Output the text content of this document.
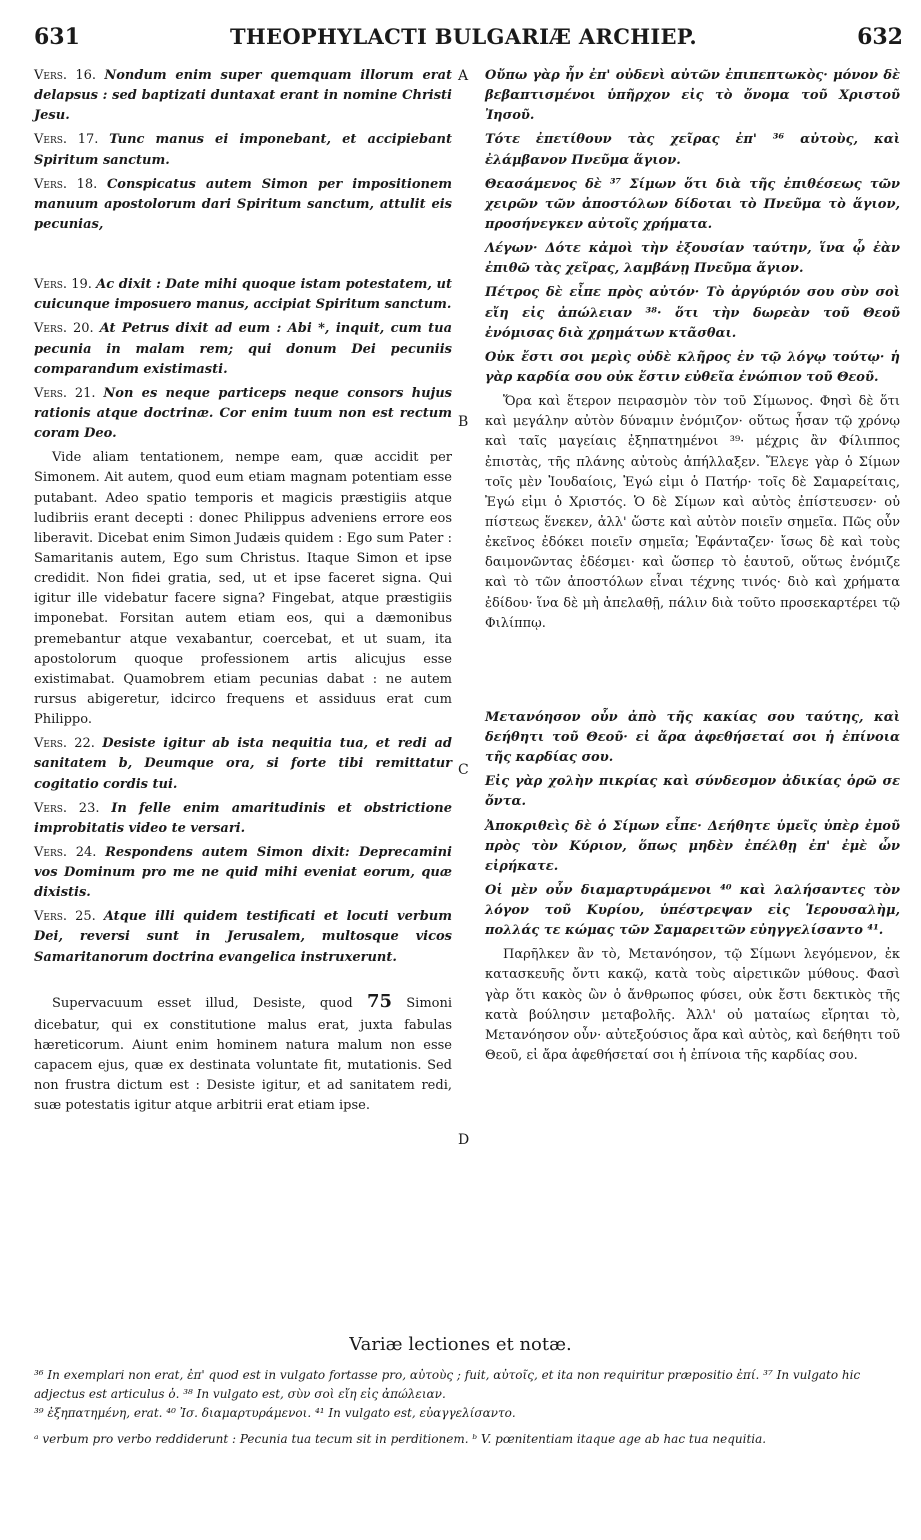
631	THEOPHYLACTI BULGARIÆ ARCHIEP.	632
A
B
C
D

Vers. 16. Nondum enim super quemquam illorum erat delapsus : sed baptizati duntaxat erant in nomine Christi Jesu.

Vers. 17. Tunc manus ei imponebant, et accipiebant Spiritum sanctum.

Vers. 18. Conspicatus autem Simon per impositionem manuum apostolorum dari Spiritum sanctum, attulit eis pecunias,

Vers. 19. Ac dixit : Date mihi quoque istam potestatem, ut cuicunque imposuero manus, accipiat Spiritum sanctum.

Vers. 20. At Petrus dixit ad eum : Abi *, inquit, cum tua pecunia in malam rem; qui donum Dei pecuniis comparandum existimasti.

Vers. 21. Non es neque particeps neque consors hujus rationis atque doctrinæ. Cor enim tuum non est rectum coram Deo.

Vide aliam tentationem, nempe eam, quæ accidit per Simonem. Ait autem, quod eum etiam magnam potentiam esse putabant. Adeo spatio temporis et magicis præstigiis atque ludibriis erant decepti : donec Philippus adveniens errore eos liberavit. Dicebat enim Simon Judæis quidem : Ego sum Pater : Samaritanis autem, Ego sum Christus. Itaque Simon et ipse credidit. Non fidei gratia, sed, ut et ipse faceret signa. Qui igitur ille videbatur facere signa? Fingebat, atque præstigiis imponebat. Forsitan autem etiam eos, qui a dæmonibus premebantur atque vexabantur, coercebat, et ut suam, ita apostolorum quoque professionem artis alicujus esse existimabat. Quamobrem etiam pecunias dabat : ne autem rursus abigeretur, idcirco frequens et assiduus erat cum Philippo.

Vers. 22. Desiste igitur ab ista nequitia tua, et redi ad sanitatem b, Deumque ora, si forte tibi remittatur cogitatio cordis tui.

Vers. 23. In felle enim amaritudinis et obstrictione improbitatis video te versari.

Vers. 24. Respondens autem Simon dixit: Deprecamini vos Dominum pro me ne quid mihi eveniat eorum, quæ dixistis.

Vers. 25. Atque illi quidem testificati et locuti verbum Dei, reversi sunt in Jerusalem, multosque vicos Samaritanorum doctrina evangelica instruxerunt.

Supervacuum esset illud, Desiste, quod 75 Simoni dicebatur, qui ex constitutione malus erat, juxta fabulas hæreticorum. Aiunt enim hominem natura malum non esse capacem ejus, quæ ex destinata voluntate fit, mutationis. Sed non frustra dictum est : Desiste igitur, et ad sanitatem redi, suæ potestatis igitur atque arbitrii erat etiam ipse.

Οὔπω γὰρ ἦν ἐπ' οὐδενὶ αὐτῶν ἐπιπεπτωκὸς· μόνον δὲ βεβαπτισμένοι ὑπῆρχον εἰς τὸ ὄνομα τοῦ Χριστοῦ Ἰησοῦ.

Τότε ἐπετίθουν τὰς χεῖρας ἐπ' ³⁶ αὐτοὺς, καὶ ἐλάμβανον Πνεῦμα ἅγιον.

Θεασάμενος δὲ ³⁷ Σίμων ὅτι διὰ τῆς ἐπιθέσεως τῶν χειρῶν τῶν ἀποστόλων δίδοται τὸ Πνεῦμα τὸ ἅγιον, προσήνεγκεν αὐτοῖς χρήματα.

Λέγων· Δότε κἀμοὶ τὴν ἐξουσίαν ταύτην, ἵνα ᾧ ἐὰν ἐπιθῶ τὰς χεῖρας, λαμβάνῃ Πνεῦμα ἅγιον.

Πέτρος δὲ εἶπε πρὸς αὐτόν· Τὸ ἀργύριόν σου σὺν σοὶ εἴη εἰς ἀπώλειαν ³⁸· ὅτι τὴν δωρεὰν τοῦ Θεοῦ ἐνόμισας διὰ χρημάτων κτᾶσθαι.

Οὐκ ἔστι σοι μερὶς οὐδὲ κλῆρος ἐν τῷ λόγῳ τούτῳ· ἡ γὰρ καρδία σου οὐκ ἔστιν εὐθεῖα ἐνώπιον τοῦ Θεοῦ.

Ὅρα καὶ ἕτερον πειρασμὸν τὸν τοῦ Σίμωνος. Φησὶ δὲ ὅτι καὶ μεγάλην αὐτὸν δύναμιν ἐνόμιζον· οὕτως ἦσαν τῷ χρόνῳ καὶ ταῖς μαγείαις ἐξηπατημένοι ³⁹· μέχρις ἂν Φίλιππος ἐπιστὰς, τῆς πλάνης αὐτοὺς ἀπήλλαξεν. Ἔλεγε γὰρ ὁ Σίμων τοῖς μὲν Ἰουδαίοις, Ἐγώ εἰμι ὁ Πατήρ· τοῖς δὲ Σαμαρείταις, Ἐγώ εἰμι ὁ Χριστός. Ὁ δὲ Σίμων καὶ αὐτὸς ἐπίστευσεν· οὐ πίστεως ἕνεκεν, ἀλλ' ὥστε καὶ αὐτὸν ποιεῖν σημεῖα. Πῶς οὖν ἐκεῖνος ἐδόκει ποιεῖν σημεῖα; Ἐφάνταζεν· ἴσως δὲ καὶ τοὺς δαιμονῶντας ἐδέσμει· καὶ ὥσπερ τὸ ἑαυτοῦ, οὕτως ἐνόμιζε καὶ τὸ τῶν ἀποστόλων εἶναι τέχνης τινός· διὸ καὶ χρήματα ἐδίδου· ἵνα δὲ μὴ ἀπελαθῇ, πάλιν διὰ τοῦτο προσεκαρτέρει τῷ Φιλίππῳ.

Μετανόησον οὖν ἀπὸ τῆς κακίας σου ταύτης, καὶ δεήθητι τοῦ Θεοῦ· εἰ ἄρα ἀφεθήσεταί σοι ἡ ἐπίνοια τῆς καρδίας σου.

Εἰς γὰρ χολὴν πικρίας καὶ σύνδεσμον ἀδικίας ὁρῶ σε ὄντα.

Ἀποκριθεὶς δὲ ὁ Σίμων εἶπε· Δεήθητε ὑμεῖς ὑπὲρ ἐμοῦ πρὸς τὸν Κύριον, ὅπως μηδὲν ἐπέλθῃ ἐπ' ἐμὲ ὧν εἰρήκατε.

Οἱ μὲν οὖν διαμαρτυράμενοι ⁴⁰ καὶ λαλήσαντες τὸν λόγον τοῦ Κυρίου, ὑπέστρεψαν εἰς Ἱερουσαλὴμ, πολλάς τε κώμας τῶν Σαμαρειτῶν εὐηγγελίσαντο ⁴¹.

Παρῆλκεν ἂν τὸ, Μετανόησον, τῷ Σίμωνι λεγόμενον, ἐκ κατασκευῆς ὄντι κακῷ, κατὰ τοὺς αἱρετικῶν μύθους. Φασὶ γὰρ ὅτι κακὸς ὢν ὁ ἄνθρωπος φύσει, οὐκ ἔστι δεκτικὸς τῆς κατὰ βούλησιν μεταβολῆς. Ἀλλ' οὐ ματαίως εἴρηται τὸ, Μετανόησον οὖν· αὐτεξούσιος ἄρα καὶ αὐτὸς, καὶ δεήθητι τοῦ Θεοῦ, εἰ ἄρα ἀφεθήσεταί σοι ἡ ἐπίνοια τῆς καρδίας σου.

Variæ lectiones et notæ.

³⁶ In exemplari non erat, ἐπ' quod est in vulgato fortasse pro, αὐτοὺς ; fuit, αὐτοῖς, et ita non requiritur præpositio ἐπί. ³⁷ In vulgato hic adjectus est articulus ὁ. ³⁸ In vulgato est, σὺν σοὶ εἴη εἰς ἀπώλειαν.

³⁹ ἐξηπατημένη, erat. ⁴⁰ Ἰσ. διαμαρτυράμενοι. ⁴¹ In vulgato est, εὐαγγελίσαντο.

ᵃ verbum pro verbo reddiderunt : Pecunia tua tecum sit in perditionem. ᵇ V. pœnitentiam itaque age ab hac tua nequitia.
